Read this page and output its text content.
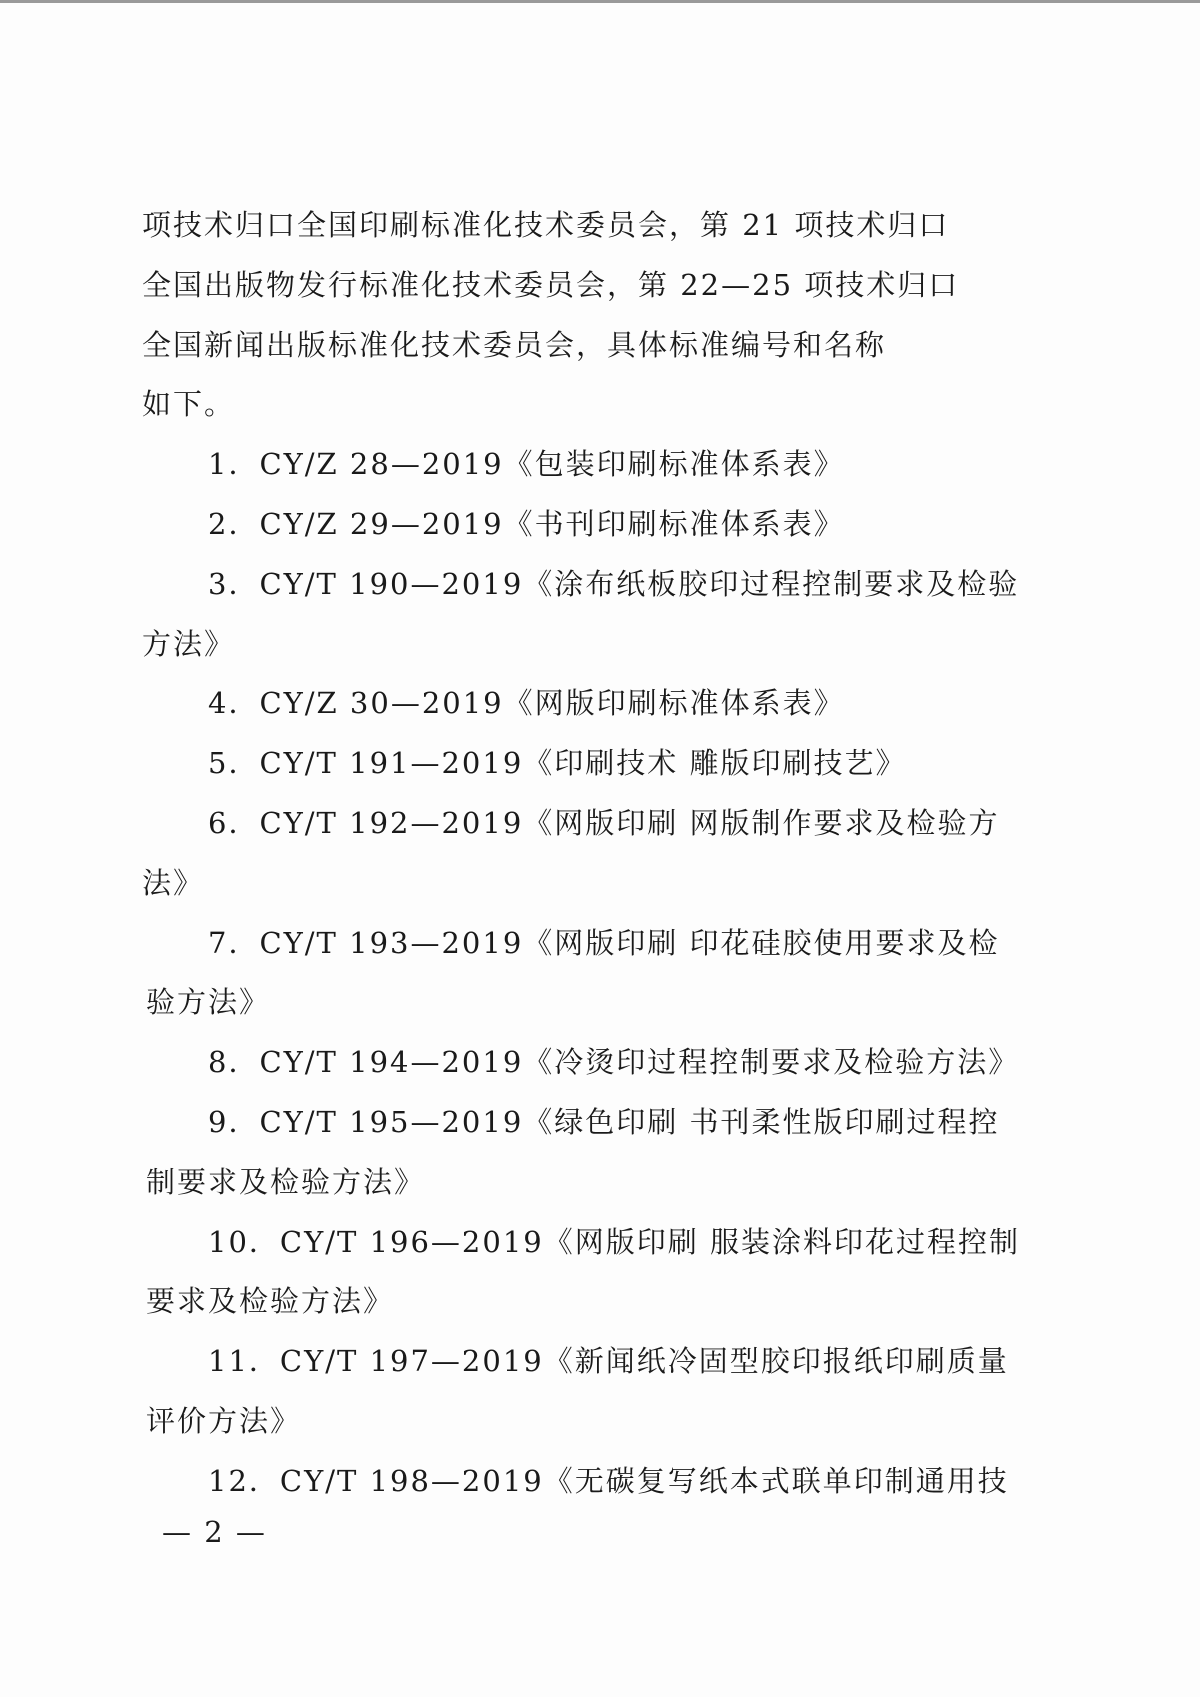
项技术归口全国印刷标准化技术委员会，第 21 项技术归口
全国出版物发行标准化技术委员会，第 22—25 项技术归口
全国新闻出版标准化技术委员会，具体标准编号和名称
如下。
1．CY/Z 28—2019《包装印刷标准体系表》
2．CY/Z 29—2019《书刊印刷标准体系表》
3．CY/T 190—2019《涂布纸板胶印过程控制要求及检验
方法》
4．CY/Z 30—2019《网版印刷标准体系表》
5．CY/T 191—2019《印刷技术 雕版印刷技艺》
6．CY/T 192—2019《网版印刷 网版制作要求及检验方
法》
7．CY/T 193—2019《网版印刷 印花硅胶使用要求及检
验方法》
8．CY/T 194—2019《冷烫印过程控制要求及检验方法》
9．CY/T 195—2019《绿色印刷 书刊柔性版印刷过程控
制要求及检验方法》
10．CY/T 196—2019《网版印刷 服装涂料印花过程控制
要求及检验方法》
11．CY/T 197—2019《新闻纸冷固型胶印报纸印刷质量
评价方法》
12．CY/T 198—2019《无碳复写纸本式联单印制通用技
— 2 —
